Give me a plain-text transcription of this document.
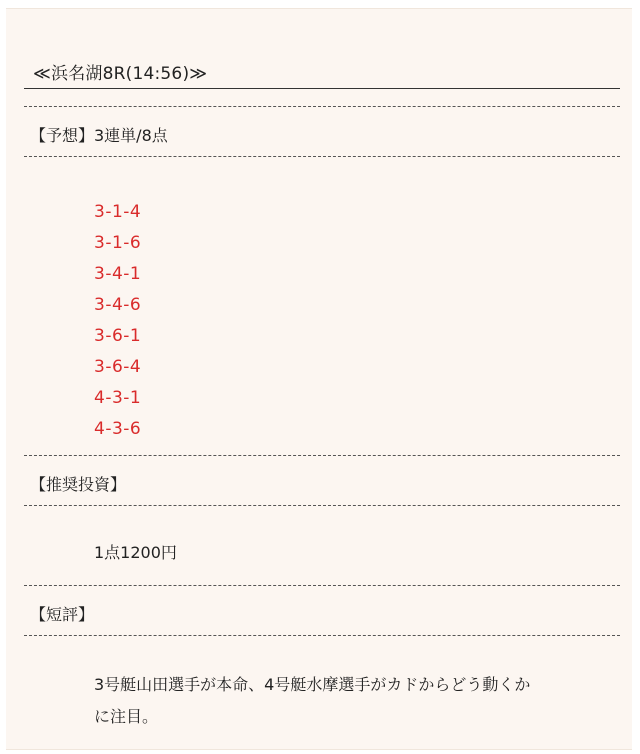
≪浜名湖8R(14:56)≫
【予想】3連単/8点
3-1-4
3-1-6
3-4-1
3-4-6
3-6-1
3-6-4
4-3-1
4-3-6
【推奨投資】
1点1200円
【短評】
3号艇山田選手が本命、4号艇水摩選手がカドからどう動くか
に注目。
